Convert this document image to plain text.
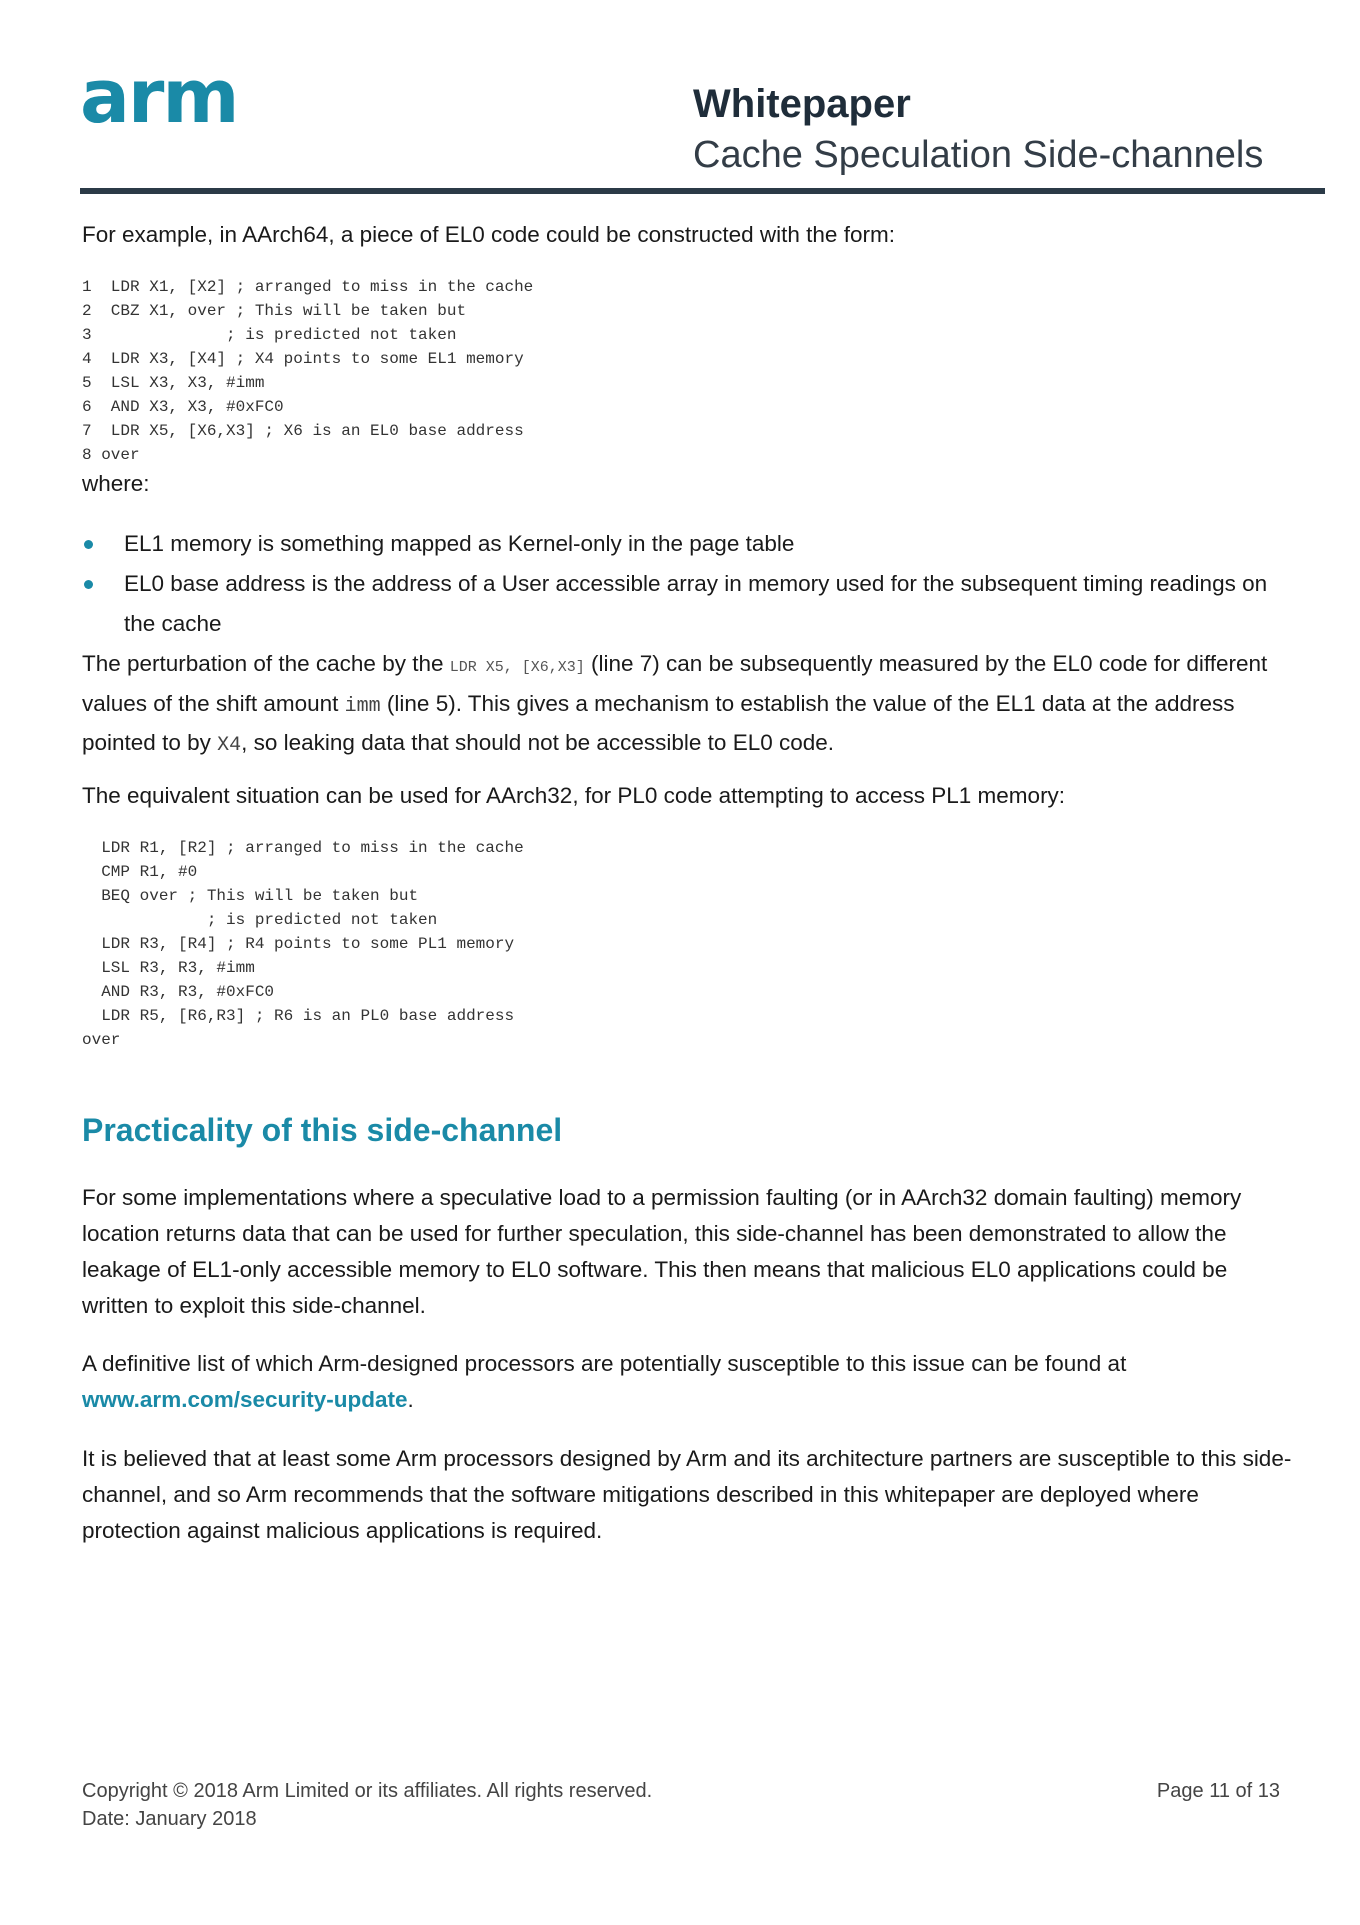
arm	Whitepaper
Cache Speculation Side-channels
For example, in AArch64, a piece of EL0 code could be constructed with the form:
1  LDR X1, [X2] ; arranged to miss in the cache
2  CBZ X1, over ; This will be taken but
3              ; is predicted not taken
4  LDR X3, [X4] ; X4 points to some EL1 memory
5  LSL X3, X3, #imm
6  AND X3, X3, #0xFC0
7  LDR X5, [X6,X3] ; X6 is an EL0 base address
8 over
where:
EL1 memory is something mapped as Kernel-only in the page table
EL0 base address is the address of a User accessible array in memory used for the subsequent timing readings on the cache
The perturbation of the cache by the LDR X5, [X6,X3] (line 7) can be subsequently measured by the EL0 code for different values of the shift amount imm (line 5). This gives a mechanism to establish the value of the EL1 data at the address pointed to by X4, so leaking data that should not be accessible to EL0 code.
The equivalent situation can be used for AArch32, for PL0 code attempting to access PL1 memory:
LDR R1, [R2] ; arranged to miss in the cache
CMP R1, #0
BEQ over ; This will be taken but
; is predicted not taken
LDR R3, [R4] ; R4 points to some PL1 memory
LSL R3, R3, #imm
AND R3, R3, #0xFC0
LDR R5, [R6,R3] ; R6 is an PL0 base address
over
Practicality of this side-channel
For some implementations where a speculative load to a permission faulting (or in AArch32 domain faulting) memory location returns data that can be used for further speculation, this side-channel has been demonstrated to allow the leakage of EL1-only accessible memory to EL0 software. This then means that malicious EL0 applications could be written to exploit this side-channel.
A definitive list of which Arm-designed processors are potentially susceptible to this issue can be found at www.arm.com/security-update.
It is believed that at least some Arm processors designed by Arm and its architecture partners are susceptible to this side-channel, and so Arm recommends that the software mitigations described in this whitepaper are deployed where protection against malicious applications is required.
Copyright © 2018 Arm Limited or its affiliates. All rights reserved.
Date: January 2018
Page 11 of 13
